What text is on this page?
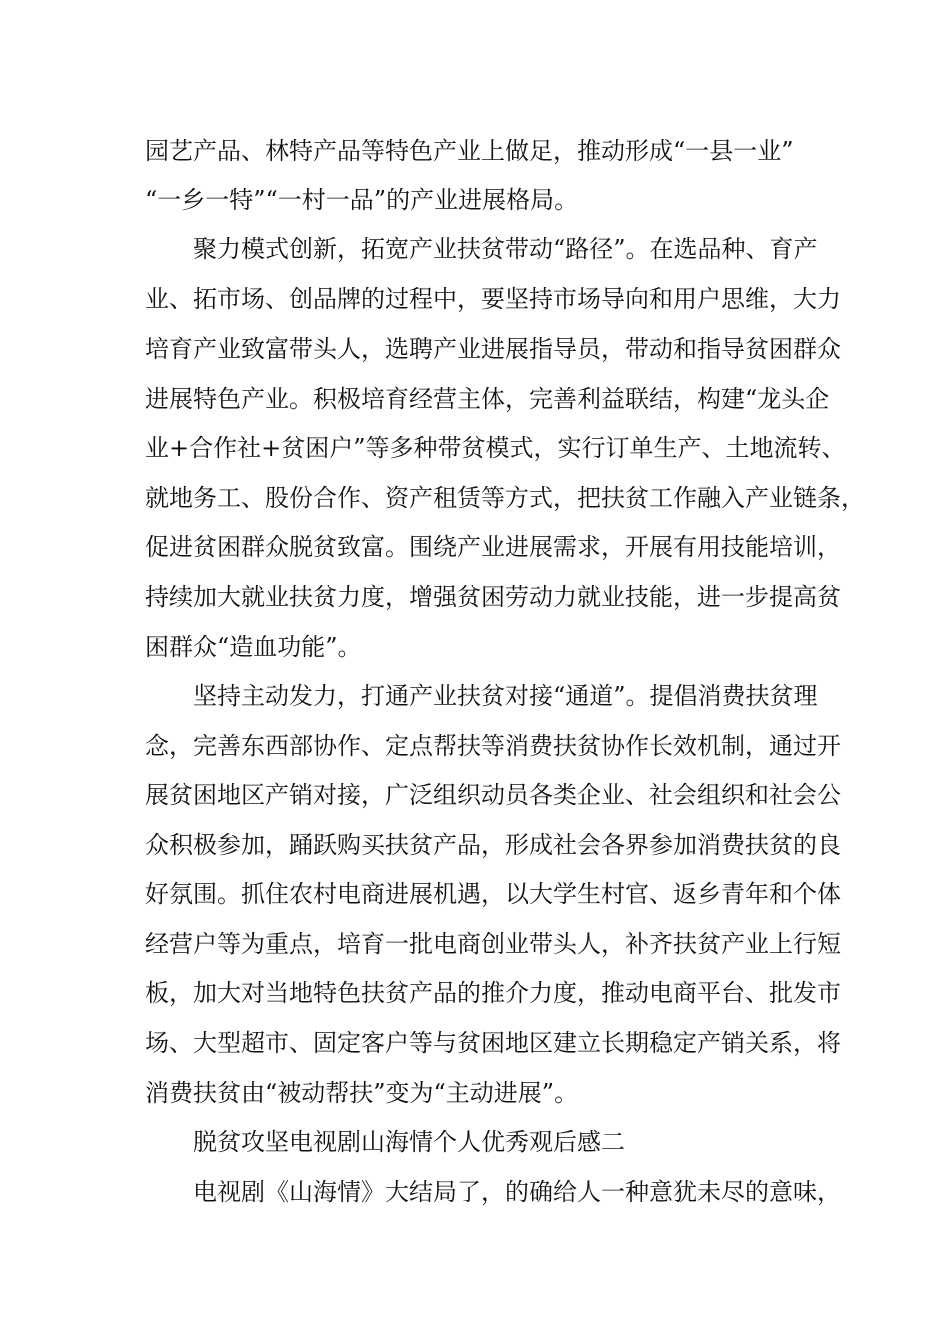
园艺产品、林特产品等特色产业上做足，推动形成“一县一业”
“一乡一特”“一村一品”的产业进展格局。
聚力模式创新，拓宽产业扶贫带动“路径”。在选品种、育产
业、拓市场、创品牌的过程中，要坚持市场导向和用户思维，大力
培育产业致富带头人，选聘产业进展指导员，带动和指导贫困群众
进展特色产业。积极培育经营主体，完善利益联结，构建“龙头企
业+合作社+贫困户”等多种带贫模式，实行订单生产、土地流转、
就地务工、股份合作、资产租赁等方式，把扶贫工作融入产业链条，
促进贫困群众脱贫致富。围绕产业进展需求，开展有用技能培训，
持续加大就业扶贫力度，增强贫困劳动力就业技能，进一步提高贫
困群众“造血功能”。
坚持主动发力，打通产业扶贫对接“通道”。提倡消费扶贫理
念，完善东西部协作、定点帮扶等消费扶贫协作长效机制，通过开
展贫困地区产销对接，广泛组织动员各类企业、社会组织和社会公
众积极参加，踊跃购买扶贫产品，形成社会各界参加消费扶贫的良
好氛围。抓住农村电商进展机遇，以大学生村官、返乡青年和个体
经营户等为重点，培育一批电商创业带头人，补齐扶贫产业上行短
板，加大对当地特色扶贫产品的推介力度，推动电商平台、批发市
场、大型超市、固定客户等与贫困地区建立长期稳定产销关系，将
消费扶贫由“被动帮扶”变为“主动进展”。
脱贫攻坚电视剧山海情个人优秀观后感二
电视剧《山海情》大结局了，的确给人一种意犹未尽的意味，
